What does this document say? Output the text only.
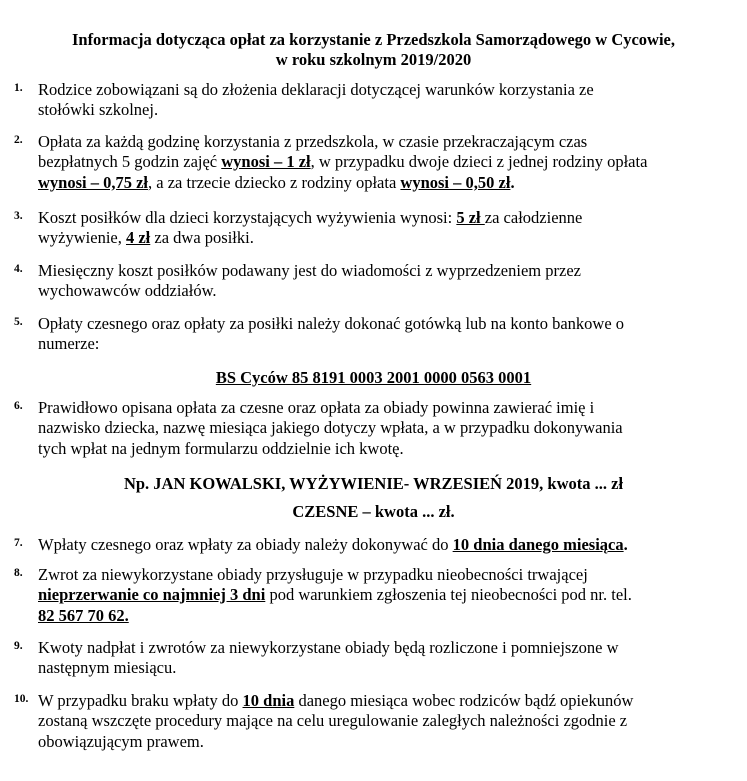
Informacja dotycząca opłat za korzystanie z Przedszkola Samorządowego w Cycowie,
w roku szkolnym 2019/2020
1. Rodzice zobowiązani są do złożenia deklaracji dotyczącej warunków korzystania ze
stołówki szkolnej.
2. Opłata za każdą godzinę korzystania z przedszkola, w czasie przekraczającym czas
bezpłatnych 5 godzin zajęć wynosi – 1 zł, w przypadku dwoje dzieci z jednej rodziny opłata
wynosi – 0,75 zł, a za trzecie dziecko z rodziny opłata wynosi – 0,50 zł.
3. Koszt posiłków dla dzieci korzystających wyżywienia wynosi: 5 zł za całodzienne
wyżywienie, 4 zł za dwa posiłki.
4. Miesięczny koszt posiłków podawany jest do wiadomości z wyprzedzeniem przez
wychowawców oddziałów.
5. Opłaty czesnego oraz opłaty za posiłki należy dokonać gotówką lub na konto bankowe o
numerze:
BS Cyców 85 8191 0003 2001 0000 0563 0001
6. Prawidłowo opisana opłata za czesne oraz opłata za obiady powinna zawierać imię i
nazwisko dziecka, nazwę miesiąca jakiego dotyczy wpłata, a w przypadku dokonywania
tych wpłat na jednym formularzu oddzielnie ich kwotę.
Np. JAN KOWALSKI, WYŻYWIENIE- WRZESIEŃ 2019, kwota ... zł
CZESNE – kwota ... zł.
7. Wpłaty czesnego oraz wpłaty za obiady należy dokonywać do 10 dnia danego miesiąca.
8. Zwrot za niewykorzystane obiady przysługuje w przypadku nieobecności trwającej
nieprzerwanie co najmniej 3 dni pod warunkiem zgłoszenia tej nieobecności pod nr. tel.
82 567 70 62.
9. Kwoty nadpłat i zwrotów za niewykorzystane obiady będą rozliczone i pomniejszone w
następnym miesiącu.
10. W przypadku braku wpłaty do 10 dnia danego miesiąca wobec rodziców bądź opiekunów
zostaną wszczęte procedury mające na celu uregulowanie zaległych należności zgodnie z
obowiązującym prawem.
